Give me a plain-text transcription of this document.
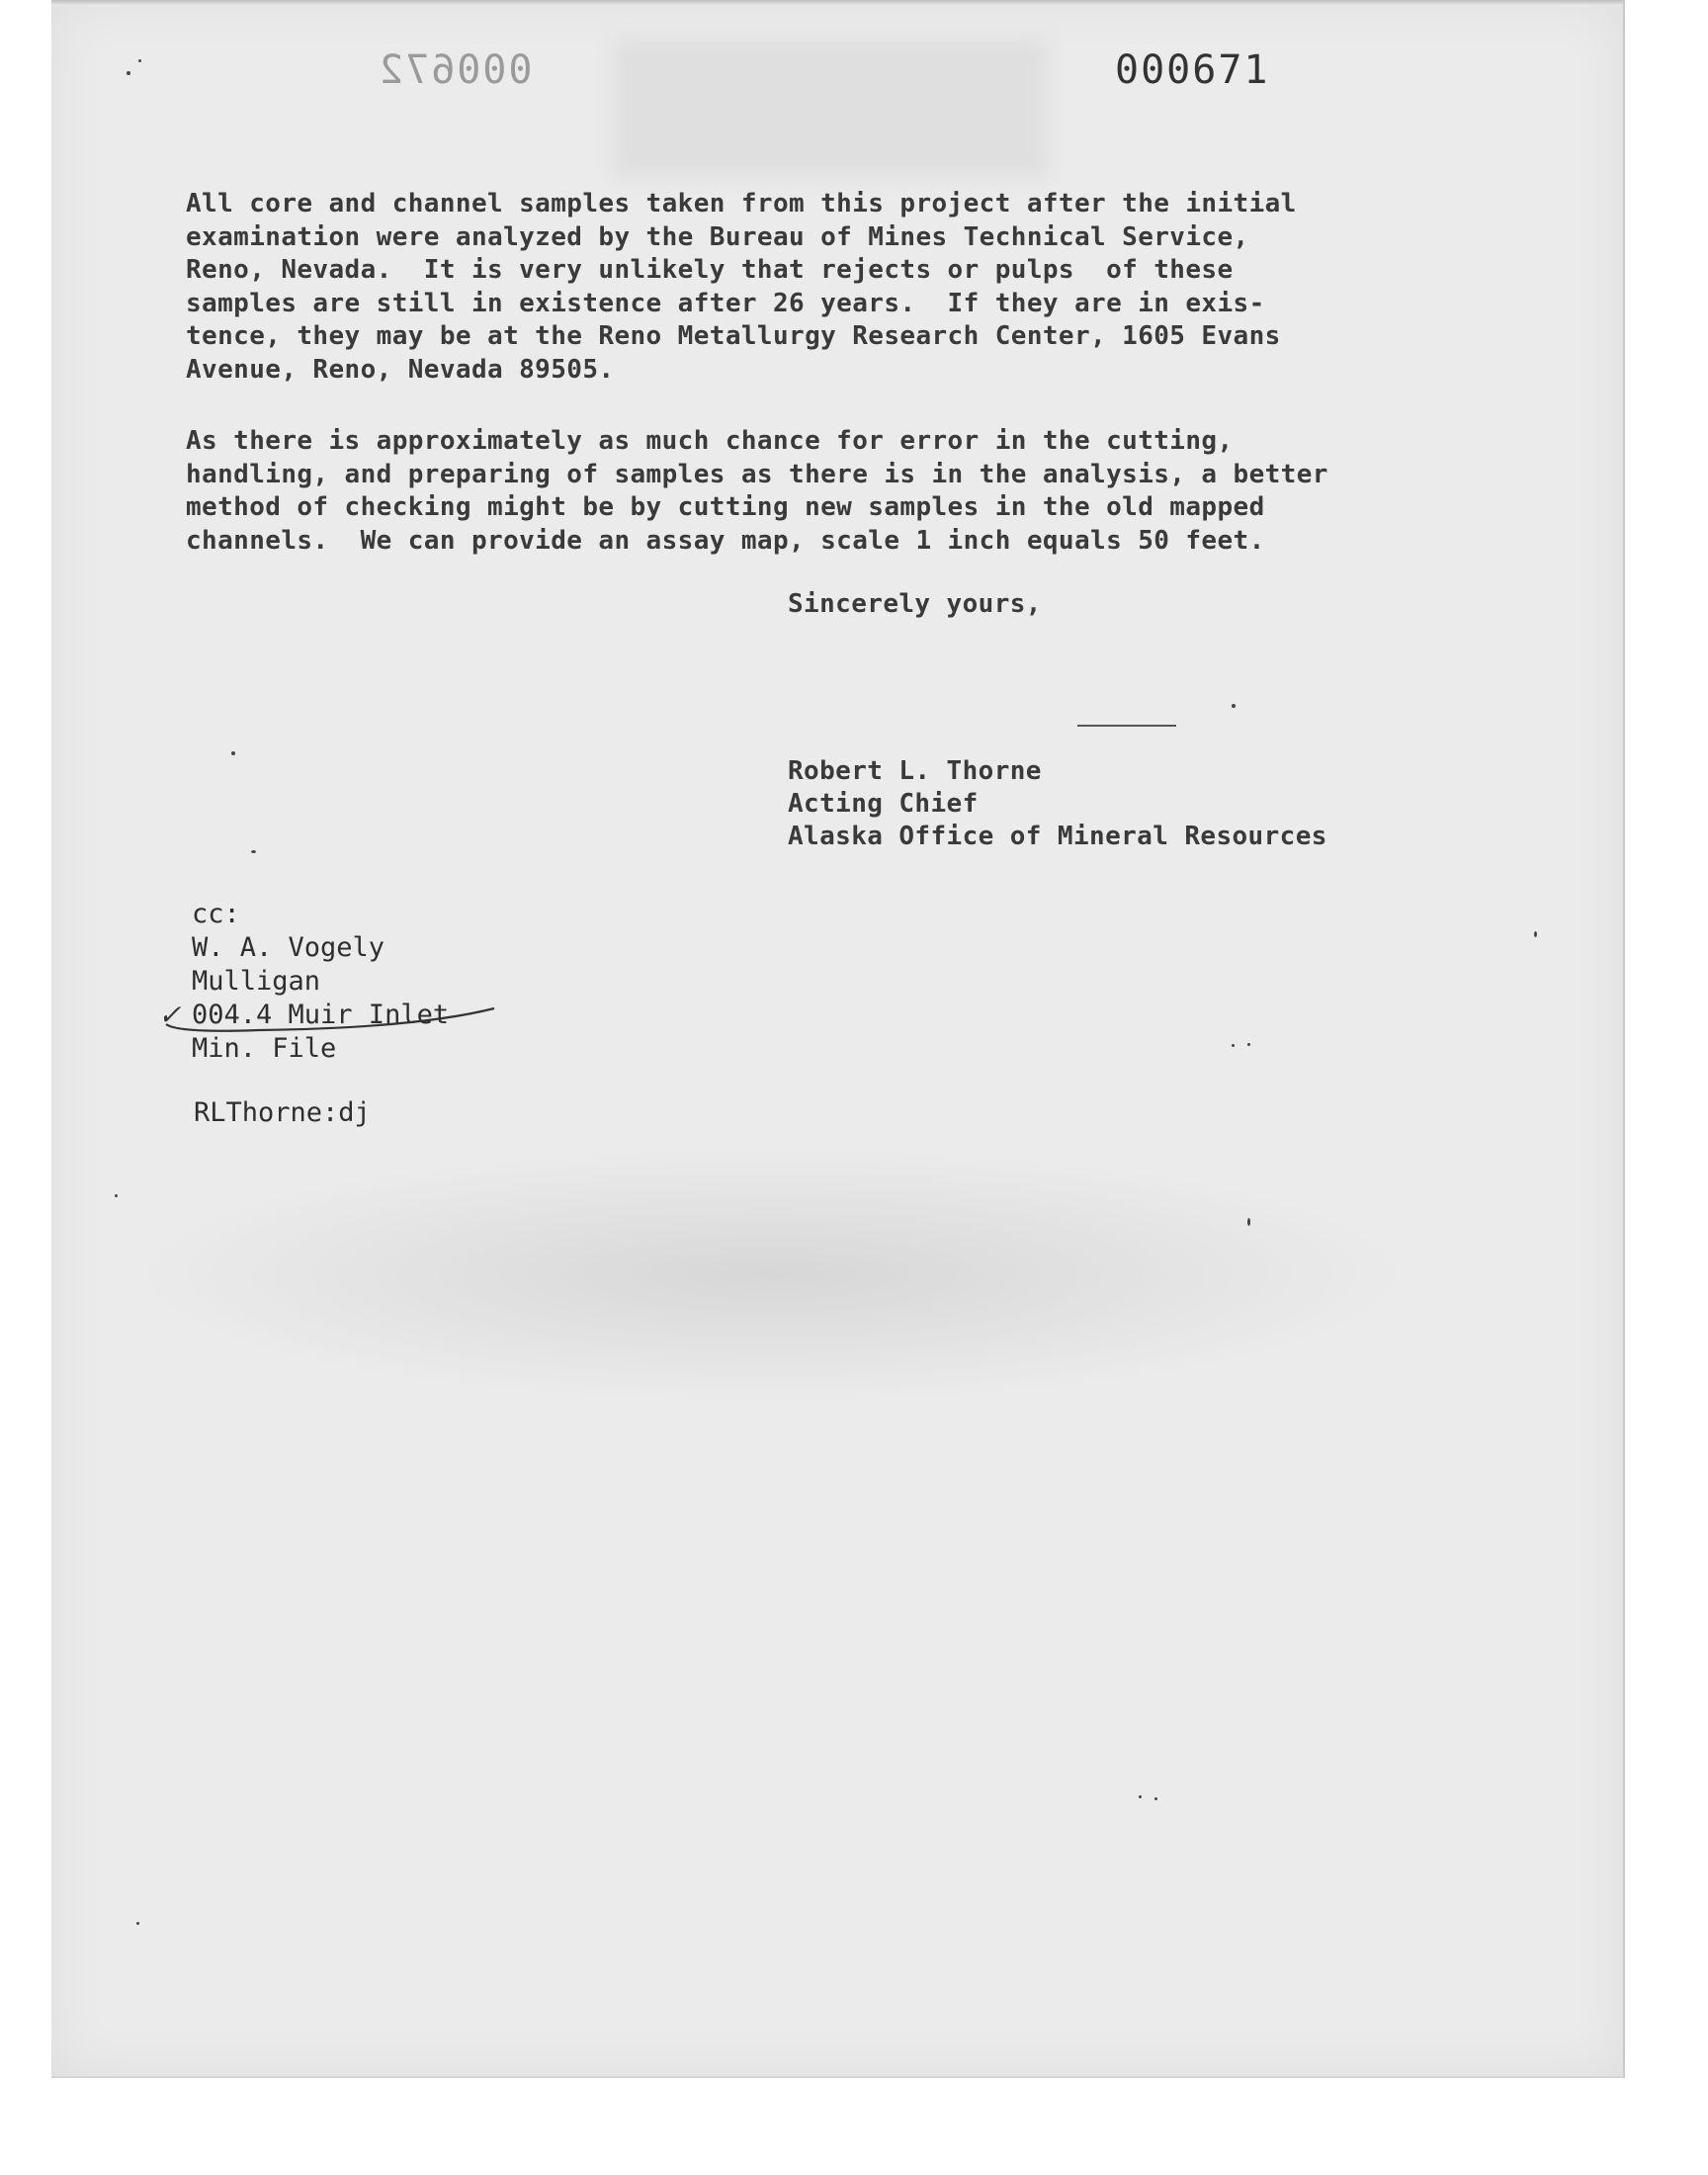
000672	000671

All core and channel samples taken from this project after the initial
examination were analyzed by the Bureau of Mines Technical Service,
Reno, Nevada.  It is very unlikely that rejects or pulps  of these
samples are still in existence after 26 years.  If they are in exis-
tence, they may be at the Reno Metallurgy Research Center, 1605 Evans
Avenue, Reno, Nevada 89505.
As there is approximately as much chance for error in the cutting,
handling, and preparing of samples as there is in the analysis, a better
method of checking might be by cutting new samples in the old mapped
channels.  We can provide an assay map, scale 1 inch equals 50 feet.

Sincerely yours,

Robert L. Thorne
Acting Chief
Alaska Office of Mineral Resources
cc:
W. A. Vogely
Mulligan
004.4 Muir Inlet
Min. File
✓

RLThorne:dj
